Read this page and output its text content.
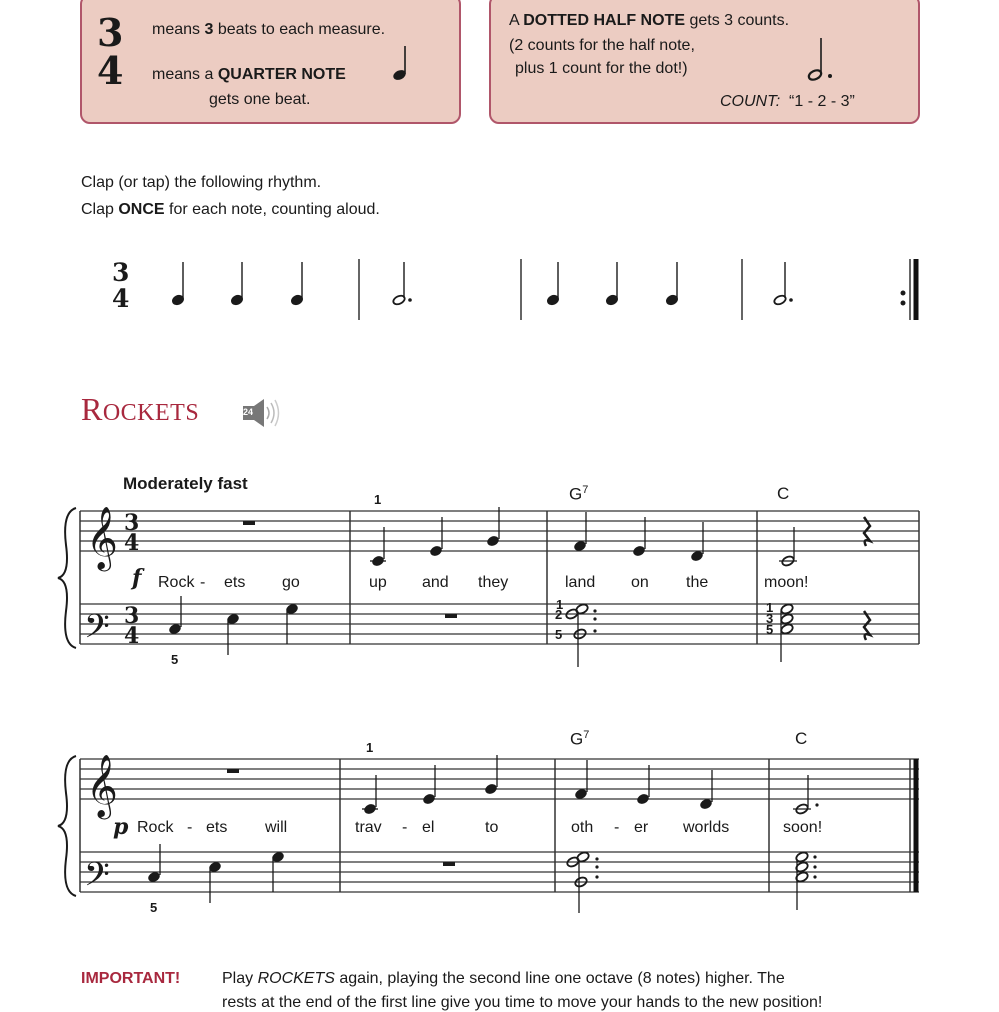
3
4
means 3 beats to each measure.
means a QUARTER NOTE
gets one beat.
A DOTTED HALF NOTE gets 3 counts.
(2 counts for the half note,
plus 1 count for the dot!)
COUNT: “1 - 2 - 3”
Clap (or tap) the following rhythm.
Clap ONCE for each note, counting aloud.
3
4
ROCKETS	24
Moderately fast
𝄞
𝄢
3
4
3
4
𝄞
𝄢
f
1
5
$G^7$	C
1
2
5
1
3
5
Rock - ets go	up and they	land on the	moon!
p
1
5
$G^7$	C
Rock - ets will	trav - el	to	oth - er worlds	soon!
IMPORTANT!	Play ROCKETS again, playing the second line one octave (8 notes) higher. The
rests at the end of the first line give you time to move your hands to the new position!
